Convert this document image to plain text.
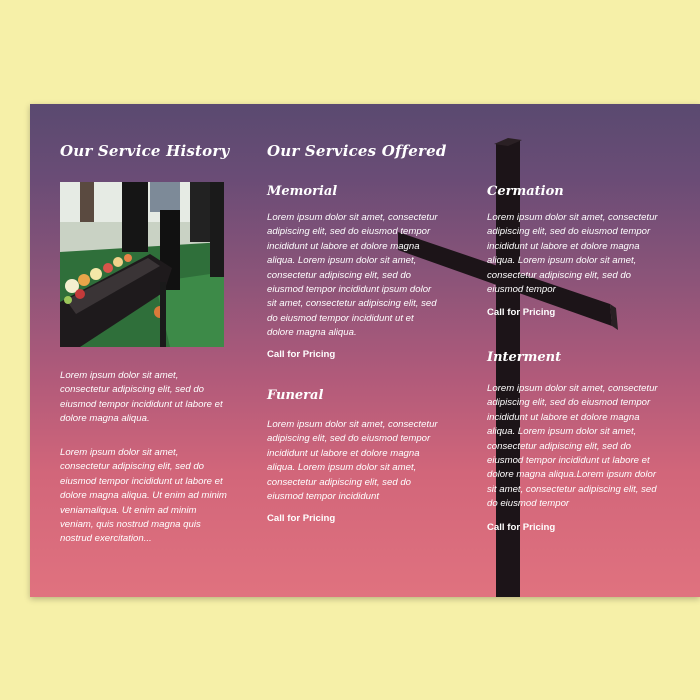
Our Service History
Lorem ipsum dolor sit amet, consectetur adipiscing elit, sed do eiusmod tempor incididunt ut labore et dolore magna aliqua.
Lorem ipsum dolor sit amet, consectetur adipiscing elit, sed do eiusmod tempor incididunt ut labore et dolore magna aliqua. Ut enim ad minim veniamaliqua. Ut enim ad minim veniam, quis nostrud magna quis nostrud exercitation...
Our Services Offered
Memorial
Lorem ipsum dolor sit amet, consectetur adipiscing elit, sed do eiusmod tempor incididunt ut labore et dolore magna aliqua. Lorem ipsum dolor sit amet, consectetur adipiscing elit, sed do eiusmod tempor incididunt ipsum dolor sit amet, consectetur adipiscing elit, sed do eiusmod tempor incididunt ut et dolore magna aliqua.
Call for Pricing
Funeral
Lorem ipsum dolor sit amet, consectetur adipiscing elit, sed do eiusmod tempor incididunt ut labore et dolore magna aliqua. Lorem ipsum dolor sit amet, consectetur adipiscing elit, sed do eiusmod tempor incididunt
Call for Pricing
Cermation
Lorem ipsum dolor sit amet, consectetur adipiscing elit, sed do eiusmod tempor incididunt ut labore et dolore magna aliqua. Lorem ipsum dolor sit amet, consectetur adipiscing elit, sed do eiusmod tempor
Call for Pricing
Interment
Lorem ipsum dolor sit amet, consectetur adipiscing elit, sed do eiusmod tempor incididunt ut labore et dolore magna aliqua. Lorem ipsum dolor sit amet, consectetur adipiscing elit, sed do eiusmod tempor incididunt ut labore et dolore magna aliqua.Lorem ipsum dolor sit amet, consectetur adipiscing elit, sed do eiusmod tempor
Call for Pricing
